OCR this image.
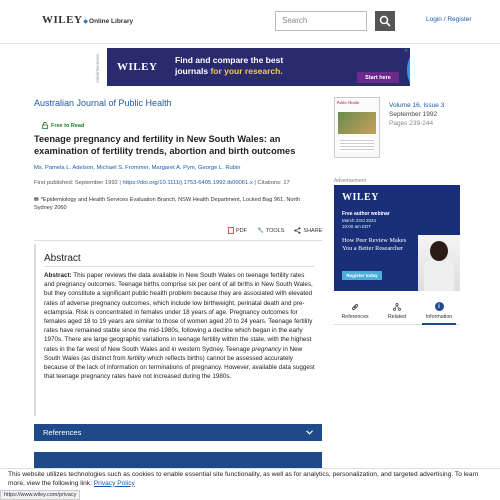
WILEY ◆ Online Library	Search	Login / Register
Advertisement WILEY
Find and compare the best
journals for your research.
Start here
✕
Australian Journal of Public Health
Free to Read
Teenage pregnancy and fertility in New South Wales: an examination of fertility trends, abortion and birth outcomes
Ms. Pamela L. Adelson, Michael S. Frommer, Margaret A. Pym, George L. Rubin
First published: September 1992 | https://doi.org/10.1111/j.1753-6405.1992.tb00061.x | Citations: 17
✉ *Epidemiology and Health Services Evaluation Branch, NSW Health Department, Locked Bag 961, North Sydney 2060
PDF 🔧 TOOLS	SHARE
Abstract
Abstract: This paper reviews the data available in New South Wales on teenage fertility rates and pregnancy outcomes. Teenage births comprise six per cent of all births in New South Wales, but they constitute a significant public health problem because they are associated with elevated rates of adverse pregnancy outcomes, which include low birthweight, perinatal death and pre-eclampsia. Risk is concentrated in females under 18 years of age. Pregnancy outcomes for females aged 18 to 19 years are similar to those of women aged 20 to 24 years. Teenage fertility rates have remained stable since the mid-1980s, following a decline which began in the early 1970s. There are large geographic variations in teenage fertility within the state, with the highest rates in the far west of New South Wales and in western Sydney. Teenage pregnancy in New South Wales (as distinct from fertility which reflects births) cannot be assessed accurately because of the lack of information on terminations of pregnancy. However, available data suggest that teenage pregnancy rates have not increased during the 1980s.
References
Public Health	Volume 16, Issue 3
September 1992
Pages 239-244
Advertisement
WILEY
Free author webinar
March 23rd 2024
10:00 am EDT
How Peer Review Makes You a Better Researcher
Register today
References	Related
i
Information
This website utilizes technologies such as cookies to enable essential site functionality, as well as for analytics, personalization, and targeted advertising. To learn more, view the following link: Privacy Policy
https://www.wiley.com/privacy
